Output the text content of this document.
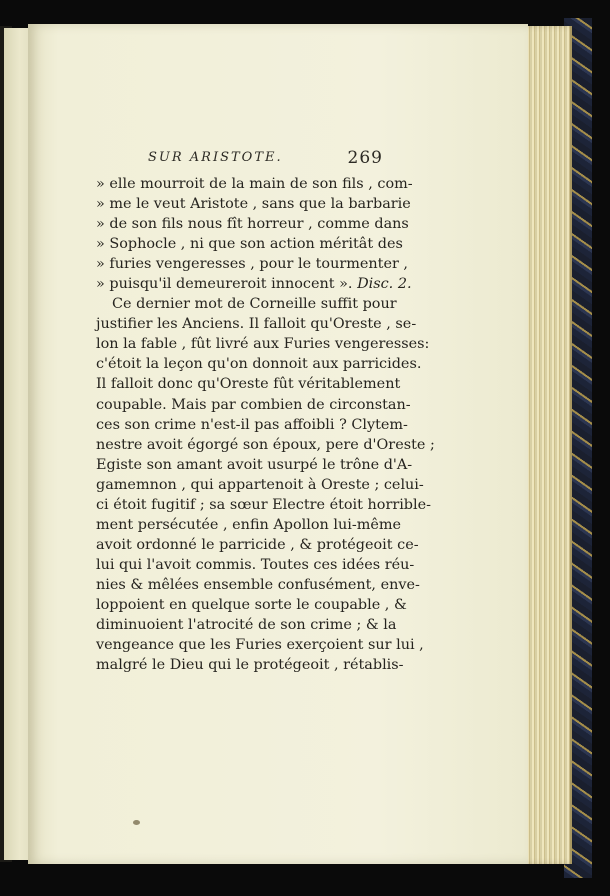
SUR ARISTOTE.	269
» elle mourroit de la main de son fils , com-
» me le veut Aristote , sans que la barbarie
» de son fils nous fît horreur , comme dans
» Sophocle , ni que son action méritât des
» furies vengeresses , pour le tourmenter ,
» puisqu'il demeureroit innocent ». Disc. 2.
Ce dernier mot de Corneille suffit pour
justifier les Anciens. Il falloit qu'Oreste , se-
lon la fable , fût livré aux Furies vengeresses:
c'étoit la leçon qu'on donnoit aux parricides.
Il falloit donc qu'Oreste fût véritablement
coupable. Mais par combien de circonstan-
ces son crime n'est-il pas affoibli ? Clytem-
nestre avoit égorgé son époux, pere d'Oreste ;
Egiste son amant avoit usurpé le trône d'A-
gamemnon , qui appartenoit à Oreste ; celui-
ci étoit fugitif ; sa sœur Electre étoit horrible-
ment persécutée , enfin Apollon lui-même
avoit ordonné le parricide , & protégeoit ce-
lui qui l'avoit commis. Toutes ces idées réu-
nies & mêlées ensemble confusément, enve-
loppoient en quelque sorte le coupable , &
diminuoient l'atrocité de son crime ; & la
vengeance que les Furies exerçoient sur lui ,
malgré le Dieu qui le protégeoit , rétablis-
